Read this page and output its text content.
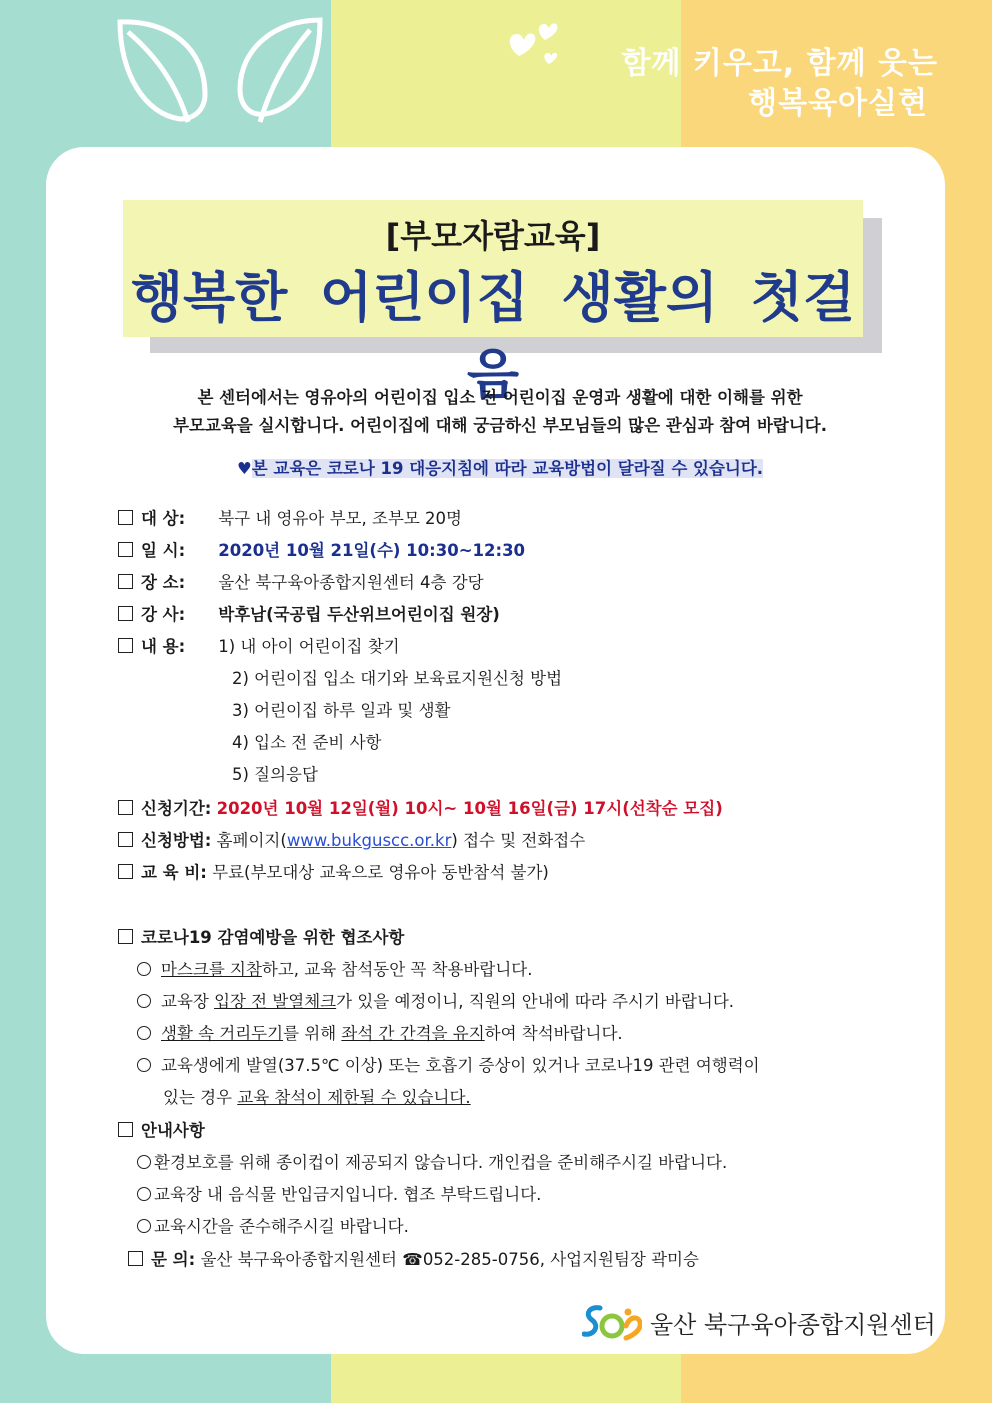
함께 키우고, 함께 웃는
행복육아실현
[부모자람교육]
행복한 어린이집 생활의 첫걸음
본 센터에서는 영유아의 어린이집 입소 전 어린이집 운영과 생활에 대한 이해를 위한
부모교육을 실시합니다. 어린이집에 대해 궁금하신 부모님들의 많은 관심과 참여 바랍니다.
♥본 교육은 코로나 19 대응지침에 따라 교육방법이 달라질 수 있습니다.
대 상: 북구 내 영유아 부모, 조부모 20명
일 시: 2020년 10월 21일(수) 10:30~12:30
장 소: 울산 북구육아종합지원센터 4층 강당
강 사: 박후남(국공립 두산위브어린이집 원장)
내 용: 1) 내 아이 어린이집 찾기
2) 어린이집 입소 대기와 보육료지원신청 방법
3) 어린이집 하루 일과 및 생활
4) 입소 전 준비 사항
5) 질의응답
신청기간: 2020년 10월 12일(월) 10시~ 10월 16일(금) 17시(선착순 모집)
신청방법: 홈페이지(www.bukguscc.or.kr) 접수 및 전화접수
교 육 비: 무료(부모대상 교육으로 영유아 동반참석 불가)
코로나19 감염예방을 위한 협조사항
마스크를 지참하고, 교육 참석동안 꼭 착용바랍니다.
교육장 입장 전 발열체크가 있을 예정이니, 직원의 안내에 따라 주시기 바랍니다.
생활 속 거리두기를 위해 좌석 간 간격을 유지하여 착석바랍니다.
교육생에게 발열(37.5℃ 이상) 또는 호흡기 증상이 있거나 코로나19 관련 여행력이
있는 경우 교육 참석이 제한될 수 있습니다.
안내사항
환경보호를 위해 종이컵이 제공되지 않습니다. 개인컵을 준비해주시길 바랍니다.
교육장 내 음식물 반입금지입니다. 협조 부탁드립니다.
교육시간을 준수해주시길 바랍니다.
문 의: 울산 북구육아종합지원센터 ☎052-285-0756, 사업지원팀장 곽미승
울산 북구육아종합지원센터
